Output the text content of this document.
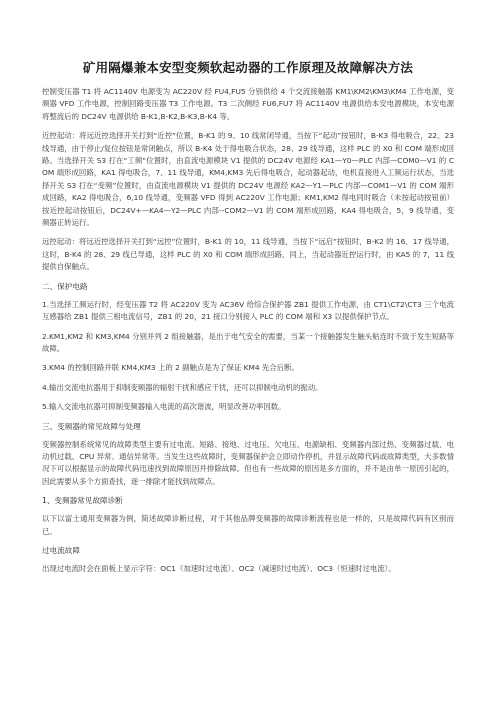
矿用隔爆兼本安型变频软起动器的工作原理及故障解决方法
控制变压器 T1 将 AC1140V 电源变为 AC220V 经 FU4,FU5 分别供给 4 个交流接触器 KM1\KM2\KM3\KM4 工作电源，变频器 VFD 工作电源，控制回路变压器 T3 工作电源。T3 二次侧经 FU6,FU7 将 AC1140V 电源供给本安电源模块，本安电源将整流后的 DC24V 电源供给 B-K1,B-K2,B-K3,B-K4 等。
近控起动：将远近控选择开关打到“近控”位置，B-K1 的 9、10 线常闭导通，当按下“起动”按钮时，B-K3 得电吸合，22、23 线导通，由于停止/复位按钮是常闭触点，所以 B-K4 处于得电吸合状态，28、29 线导通，这样 PLC 的 X0 和 COM 端形成回路。当选择开关 S3 打在“工频”位置时，由直流电源模块 V1 提供的 DC24V 电源经 KA1—Y0—PLC 内部—COM0—V1 的 COM 端形成回路，KA1 得电吸合，7、11 线导通，KM4,KM3 先后得电吸合，起动器起动，电机直接进入工频运行状态，当选择开关 S3 打在“变频”位置时，由直流电源模块 V1 提供的 DC24V 电源经 KA2—Y1—PLC 内部—COM1—V1 的 COM 端形成回路，KA2 得电吸合，6,10 线导通，变频器 VFD 得到 AC220V 工作电源；KM1,KM2 得电同时吸合（未按起动按钮前）按近控起动按钮后，DC24V+—KA4—Y2—PLC 内部--COM2—V1 的 COM 端形成回路，KA4 得电吸合，5，9 线导通，变频器正转运行。
远控起动：将远近控选择开关打到“远控”位置时，B-K1 的 10，11 线导通，当按下“远启”按钮时，B-K2 的 16、17 线导通，这时，B-K4 的 28、29 线已导通，这样 PLC 的 X0 和 COM 端形成回路，同上，当起动器近控运行时，由 KA5 的 7，11 线提供自保触点。
二、保护电路
1.当选择工频运行时，经变压器 T2 将 AC220V 变为 AC36V 给综合保护器 ZB1 提供工作电源，由 CT1\CT2\CT3 三个电流互感器给 ZB1 提供三相电流信号，ZB1 的 20，21 接口分别接入 PLC 的 COM 端和 X3 以提供保护节点。
2.KM1,KM2 和 KM3,KM4 分别并列 2 组接触器，是出于电气安全的需要，当某一个接触器发生触头粘连时不致于发生短路等故障。
3.KM4 的控制回路并联 KM4,KM3 上的 2 副触点是为了保证 KM4 先合后断。
4.输出交流电抗器用于抑制变频器的辐射干扰和感应干扰，还可以抑制电动机的振动。
5.输入交流电抗器可抑制变频器输入电流的高次谐波，明显改善功率因数。
三、变频器的常见故障与处理
变频器控制系统常见的故障类型主要有过电流、短路、接地、过电压、欠电压、电源缺相、变频器内部过热、变频器过载、电动机过载、CPU 异常、通信异常等。当发生这些故障时，变频器保护会立即动作停机，并显示故障代码或故障类型，大多数情况下可以根据显示的故障代码迅速找到故障原因并排除故障。但也有一些故障的原因是多方面的，并不是由单一原因引起的，因此需要从多个方面查找，逐一排除才能找到故障点。
1、变频器常见故障诊断
以下以富士通用变频器为例，简述故障诊断过程，对于其他品牌变频器的故障诊断流程也是一样的，只是故障代码有区别而已。
过电流故障
出现过电流时会在面板上显示字符：OC1（加速时过电流）、OC2（减速时过电流）、OC3（恒速时过电流）。
